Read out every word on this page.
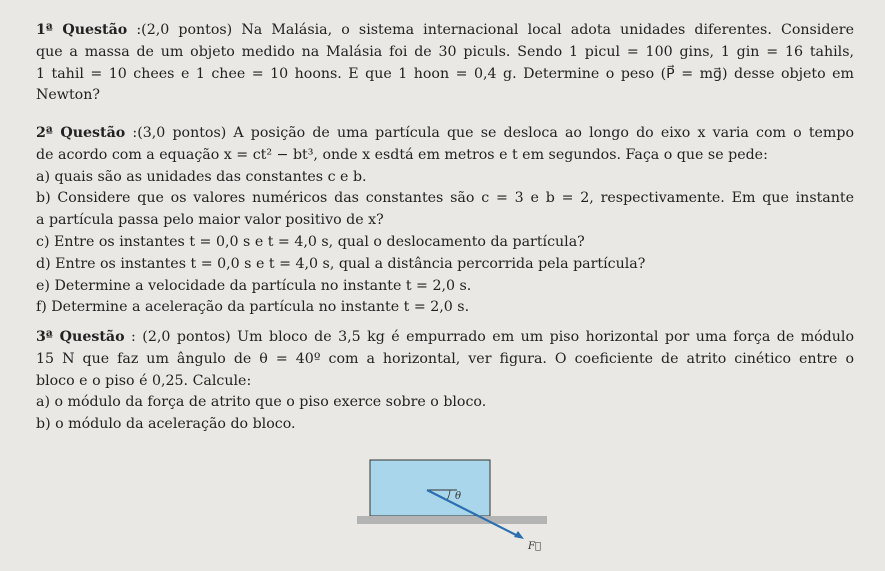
1ª Questão :(2,0 pontos) Na Malásia, o sistema internacional local adota unidades diferentes. Considere
que a massa de um objeto medido na Malásia foi de 30 piculs. Sendo 1 picul = 100 gins, 1 gin = 16 tahils,
1 tahil = 10 chees e 1 chee = 10 hoons. E que 1 hoon = 0,4 g. Determine o peso (P⃗ = mg⃗) desse objeto em
Newton?
2ª Questão :(3,0 pontos) A posição de uma partícula que se desloca ao longo do eixo x varia com o tempo
de acordo com a equação x = ct² − bt³, onde x esdtá em metros e t em segundos. Faça o que se pede:
a) quais são as unidades das constantes c e b.
b) Considere que os valores numéricos das constantes são c = 3 e b = 2, respectivamente. Em que instante
a partícula passa pelo maior valor positivo de x?
c) Entre os instantes t = 0,0 s e t = 4,0 s, qual o deslocamento da partícula?
d) Entre os instantes t = 0,0 s e t = 4,0 s, qual a distância percorrida pela partícula?
e) Determine a velocidade da partícula no instante t = 2,0 s.
f) Determine a aceleração da partícula no instante t = 2,0 s.
3ª Questão : (2,0 pontos) Um bloco de 3,5 kg é empurrado em um piso horizontal por uma força de módulo
15 N que faz um ângulo de θ = 40º com a horizontal, ver figura. O coeficiente de atrito cinético entre o
bloco e o piso é 0,25. Calcule:
a) o módulo da força de atrito que o piso exerce sobre o bloco.
b) o módulo da aceleração do bloco.
θ
F⃗
